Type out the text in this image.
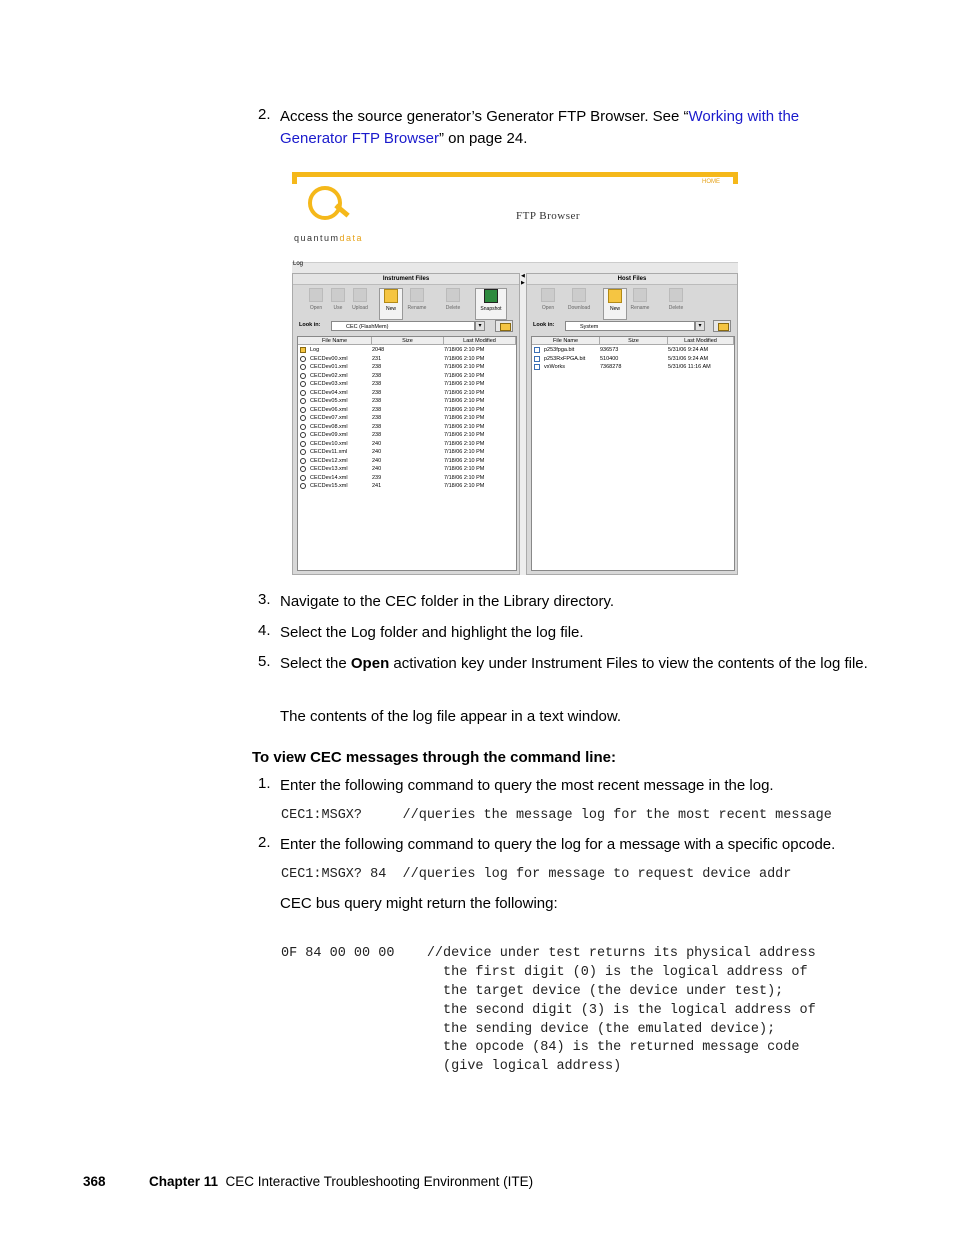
2. Access the source generator’s Generator FTP Browser. See “Working with the Generator FTP Browser” on page 24.
HOME
quantumdata
FTP Browser
Log
Instrument Files
Open	Use	Upload	New	Rename	Delete	Snapshot
Look in:	CEC (FlashMem)	▾
File Name	Size	Last Modified
Log	2048	7/18/06 2:10 PM
CECDev00.xml	231	7/18/06 2:10 PM
CECDev01.xml	238	7/18/06 2:10 PM
CECDev02.xml	238	7/18/06 2:10 PM
CECDev03.xml	238	7/18/06 2:10 PM
CECDev04.xml	238	7/18/06 2:10 PM
CECDev05.xml	238	7/18/06 2:10 PM
CECDev06.xml	238	7/18/06 2:10 PM
CECDev07.xml	238	7/18/06 2:10 PM
CECDev08.xml	238	7/18/06 2:10 PM
CECDev09.xml	238	7/18/06 2:10 PM
CECDev10.xml	240	7/18/06 2:10 PM
CECDev11.xml	240	7/18/06 2:10 PM
CECDev12.xml	240	7/18/06 2:10 PM
CECDev13.xml	240	7/18/06 2:10 PM
CECDev14.xml	239	7/18/06 2:10 PM
CECDev15.xml	241	7/18/06 2:10 PM
◀
▶
Host Files
Open	Download	New	Rename	Delete
Look in:	System	▾
File Name	Size	Last Modified
p253fpga.bit	936573	5/31/06 9:24 AM
p253RxFPGA.bit	510400	5/31/06 9:24 AM
vxWorks	7368278	5/31/06 11:16 AM
3. Navigate to the CEC folder in the Library directory.
4. Select the Log folder and highlight the log file.
5. Select the Open activation key under Instrument Files to view the contents of the log file.
The contents of the log file appear in a text window.
To view CEC messages through the command line:
1. Enter the following command to query the most recent message in the log.
CEC1:MSGX?     //queries the message log for the most recent message
2. Enter the following command to query the log for a message with a specific opcode.
CEC1:MSGX? 84  //queries log for message to request device addr
CEC bus query might return the following:

0F 84 00 00 00    //device under test returns its physical address
the first digit (0) is the logical address of
the target device (the device under test);
the second digit (3) is the logical address of
the sending device (the emulated device);
the opcode (84) is the returned message code
(give logical address)

368	Chapter 11 CEC Interactive Troubleshooting Environment (ITE)
